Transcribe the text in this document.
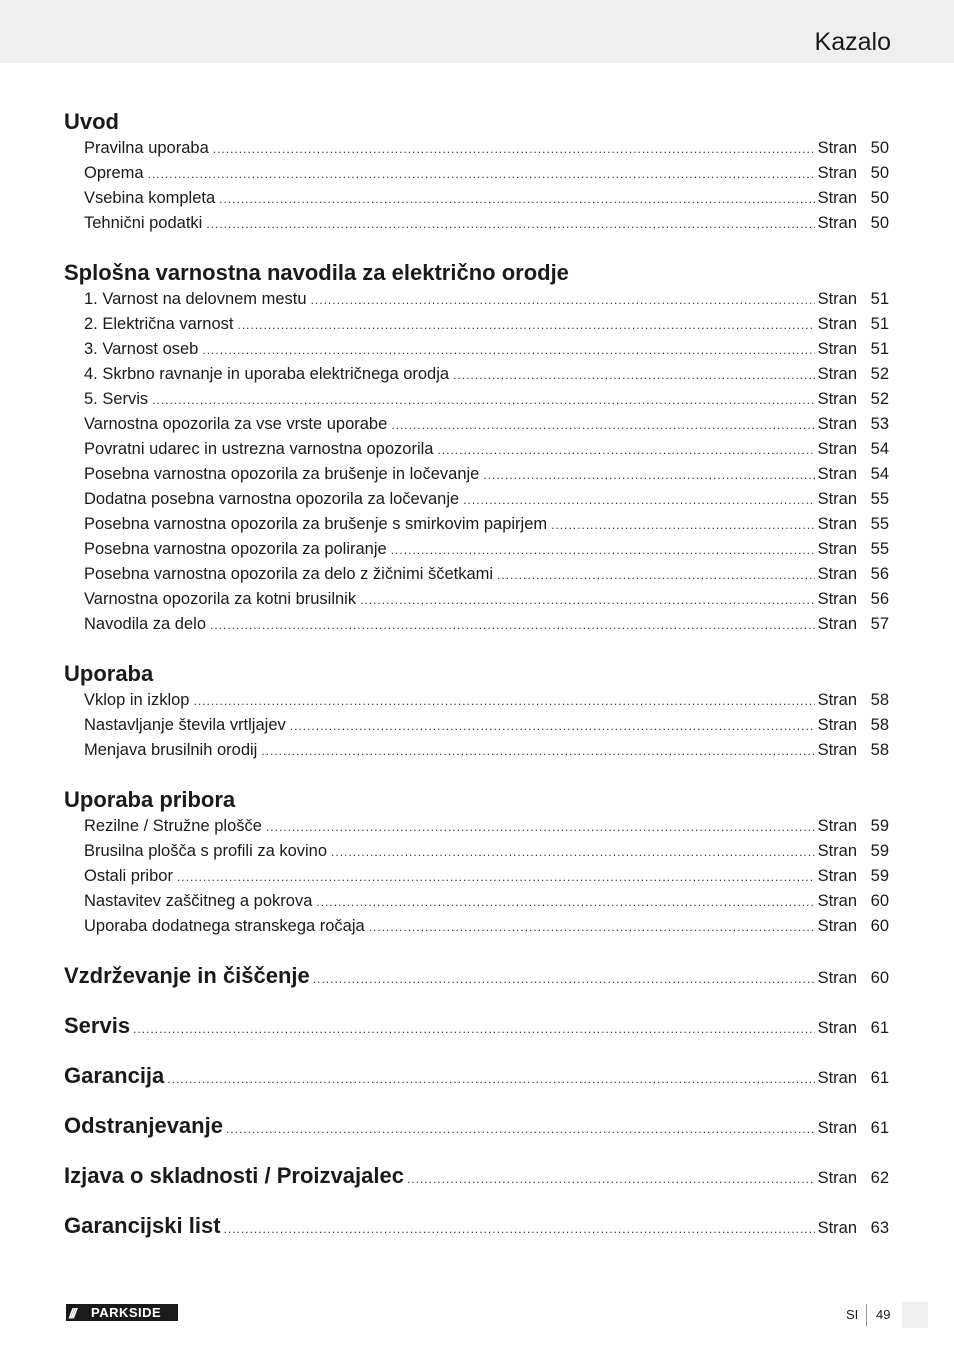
Kazalo
Uvod
Pravilna uporaba .....	Stran 50
Oprema .....	Stran 50
Vsebina kompleta .....	Stran 50
Tehnični podatki .....	Stran 50
Splošna varnostna navodila za električno orodje
1. Varnost na delovnem mestu .....	Stran 51
2. Električna varnost .....	Stran 51
3. Varnost oseb .....	Stran 51
4. Skrbno ravnanje in uporaba električnega orodja .....	Stran 52
5. Servis .....	Stran 52
Varnostna opozorila za vse vrste uporabe .....	Stran 53
Povratni udarec in ustrezna varnostna opozorila .....	Stran 54
Posebna varnostna opozorila za brušenje in ločevanje .....	Stran 54
Dodatna posebna varnostna opozorila za ločevanje .....	Stran 55
Posebna varnostna opozorila za brušenje s smirkovim papirjem .....	Stran 55
Posebna varnostna opozorila za poliranje .....	Stran 55
Posebna varnostna opozorila za delo z žičnimi ščetkami .....	Stran 56
Varnostna opozorila za kotni brusilnik .....	Stran 56
Navodila za delo .....	Stran 57
Uporaba
Vklop in izklop .....	Stran 58
Nastavljanje števila vrtljajev .....	Stran 58
Menjava brusilnih orodij .....	Stran 58
Uporaba pribora
Rezilne / Stružne plošče .....	Stran 59
Brusilna plošča s profili za kovino .....	Stran 59
Ostali pribor .....	Stran 59
Nastavitev zaščitneg a pokrova .....	Stran 60
Uporaba dodatnega stranskega ročaja .....	Stran 60
Vzdrževanje in čiščenje .....	Stran 60
Servis .....	Stran 61
Garancija .....	Stran 61
Odstranjevanje .....	Stran 61
Izjava o skladnosti / Proizvajalec .....	Stran 62
Garancijski list .....	Stran 63
///	PARKSIDE	SI 49
